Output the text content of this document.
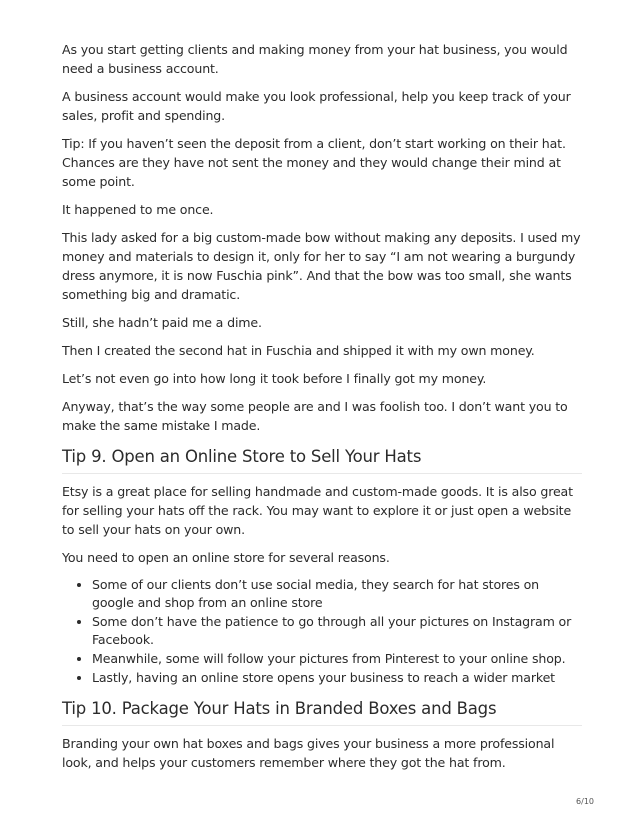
As you start getting clients and making money from your hat business, you would need a business account.

A business account would make you look professional, help you keep track of your sales, profit and spending.

Tip: If you haven’t seen the deposit from a client, don’t start working on their hat. Chances are they have not sent the money and they would change their mind at some point.

It happened to me once.

This lady asked for a big custom-made bow without making any deposits. I used my money and materials to design it, only for her to say “I am not wearing a burgundy dress anymore, it is now Fuschia pink”. And that the bow was too small, she wants something big and dramatic.

Still, she hadn’t paid me a dime.

Then I created the second hat in Fuschia and shipped it with my own money.

Let’s not even go into how long it took before I finally got my money.

Anyway, that’s the way some people are and I was foolish too. I don’t want you to make the same mistake I made.

Tip 9. Open an Online Store to Sell Your Hats

Etsy is a great place for selling handmade and custom-made goods. It is also great for selling your hats off the rack. You may want to explore it or just open a website to sell your hats on your own.

You need to open an online store for several reasons.

• Some of our clients don’t use social media, they search for hat stores on google and shop from an online store
• Some don’t have the patience to go through all your pictures on Instagram or Facebook.
• Meanwhile, some will follow your pictures from Pinterest to your online shop.
• Lastly, having an online store opens your business to reach a wider market
Tip 10. Package Your Hats in Branded Boxes and Bags

Branding your own hat boxes and bags gives your business a more professional look, and helps your customers remember where they got the hat from.

6/10
